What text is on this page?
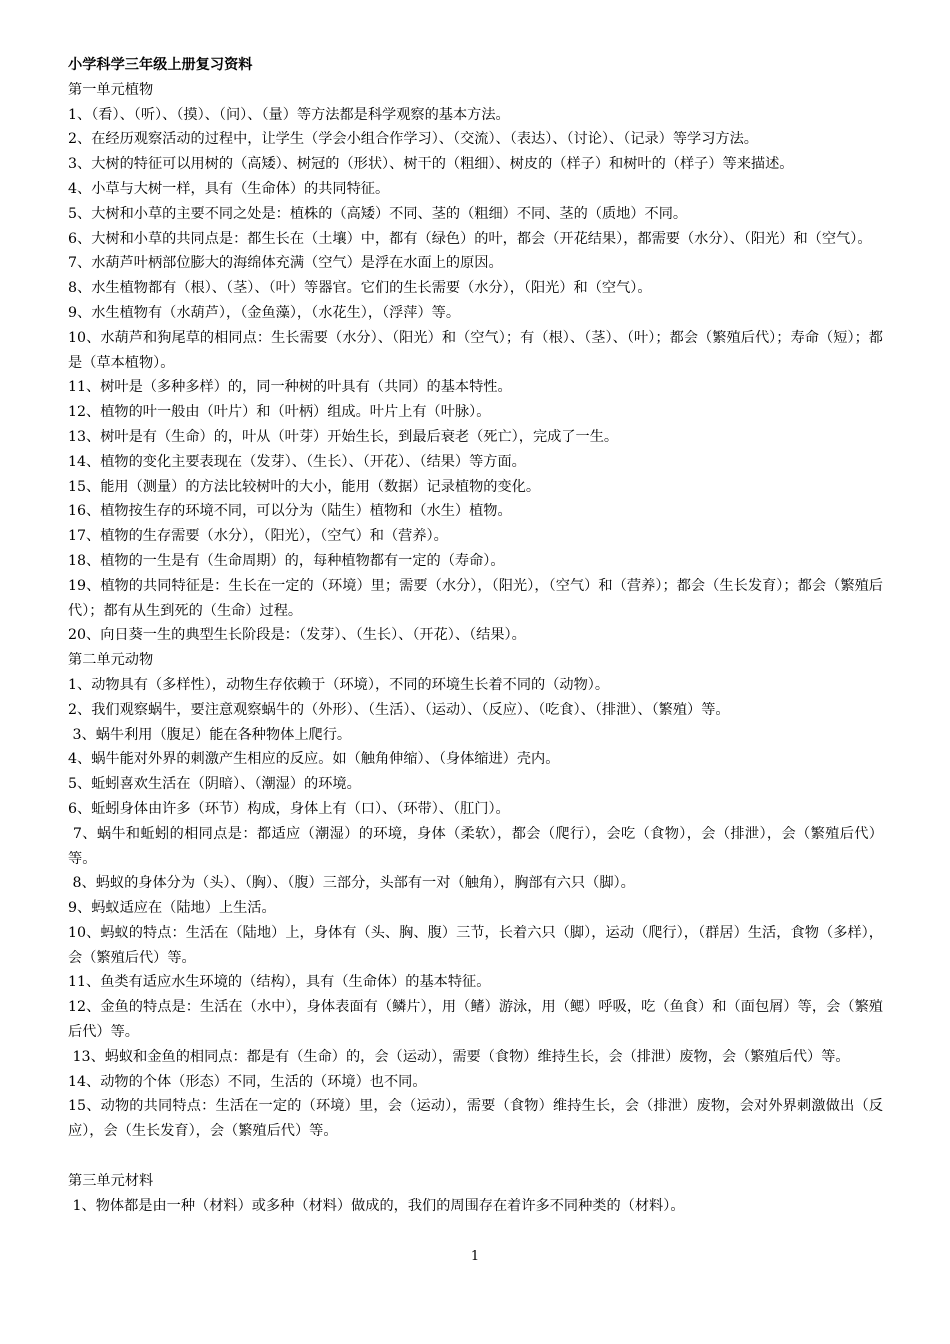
小学科学三年级上册复习资料

第一单元植物

1、（看）、（听）、（摸）、（问）、（量）等方法都是科学观察的基本方法。

2、在经历观察活动的过程中，让学生（学会小组合作学习）、（交流）、（表达）、（讨论）、（记录）等学习方法。

3、大树的特征可以用树的（高矮）、树冠的（形状）、树干的（粗细）、树皮的（样子）和树叶的（样子）等来描述。

4、小草与大树一样，具有（生命体）的共同特征。

5、大树和小草的主要不同之处是：植株的（高矮）不同、茎的（粗细）不同、茎的（质地）不同。

6、大树和小草的共同点是：都生长在（土壤）中，都有（绿色）的叶，都会（开花结果），都需要（水分）、（阳光）和（空气）。

7、水葫芦叶柄部位膨大的海绵体充满（空气）是浮在水面上的原因。

8、水生植物都有（根）、（茎）、（叶）等器官。它们的生长需要（水分），（阳光）和（空气）。

9、水生植物有（水葫芦），（金鱼藻），（水花生），（浮萍）等。

10、水葫芦和狗尾草的相同点：生长需要（水分）、（阳光）和（空气）；有（根）、（茎）、（叶）；都会（繁殖后代）；寿命（短）；都是（草本植物）。

11、树叶是（多种多样）的，同一种树的叶具有（共同）的基本特性。

12、植物的叶一般由（叶片）和（叶柄）组成。叶片上有（叶脉）。

13、树叶是有（生命）的，叶从（叶芽）开始生长，到最后衰老（死亡），完成了一生。

14、植物的变化主要表现在（发芽）、（生长）、（开花）、（结果）等方面。

15、能用（测量）的方法比较树叶的大小，能用（数据）记录植物的变化。

16、植物按生存的环境不同，可以分为（陆生）植物和（水生）植物。

17、植物的生存需要（水分），（阳光），（空气）和（营养）。

18、植物的一生是有（生命周期）的，每种植物都有一定的（寿命）。

19、植物的共同特征是：生长在一定的（环境）里；需要（水分），（阳光），（空气）和（营养）；都会（生长发育）；都会（繁殖后代）；都有从生到死的（生命）过程。

20、向日葵一生的典型生长阶段是：（发芽）、（生长）、（开花）、（结果）。

第二单元动物

1、动物具有（多样性），动物生存依赖于（环境），不同的环境生长着不同的（动物）。

2、我们观察蜗牛，要注意观察蜗牛的（外形）、（生活）、（运动）、（反应）、（吃食）、（排泄）、（繁殖）等。

3、蜗牛利用（腹足）能在各种物体上爬行。

4、蜗牛能对外界的刺激产生相应的反应。如（触角伸缩）、（身体缩进）壳内。

5、蚯蚓喜欢生活在（阴暗）、（潮湿）的环境。

6、蚯蚓身体由许多（环节）构成，身体上有（口）、（环带）、（肛门）。

7、蜗牛和蚯蚓的相同点是：都适应（潮湿）的环境，身体（柔软），都会（爬行），会吃（食物），会（排泄），会（繁殖后代）等。

8、蚂蚁的身体分为（头）、（胸）、（腹）三部分，头部有一对（触角），胸部有六只（脚）。

9、蚂蚁适应在（陆地）上生活。

10、蚂蚁的特点：生活在（陆地）上，身体有（头、胸、腹）三节，长着六只（脚），运动（爬行），（群居）生活，食物（多样），会（繁殖后代）等。

11、鱼类有适应水生环境的（结构），具有（生命体）的基本特征。

12、金鱼的特点是：生活在（水中），身体表面有（鳞片），用（鳍）游泳，用（鳃）呼吸，吃（鱼食）和（面包屑）等，会（繁殖后代）等。

13、蚂蚁和金鱼的相同点：都是有（生命）的，会（运动），需要（食物）维持生长，会（排泄）废物，会（繁殖后代）等。

14、动物的个体（形态）不同，生活的（环境）也不同。

15、动物的共同特点：生活在一定的（环境）里，会（运动），需要（食物）维持生长，会（排泄）废物，会对外界刺激做出（反应），会（生长发育），会（繁殖后代）等。

第三单元材料

1、物体都是由一种（材料）或多种（材料）做成的，我们的周围存在着许多不同种类的（材料）。

1
